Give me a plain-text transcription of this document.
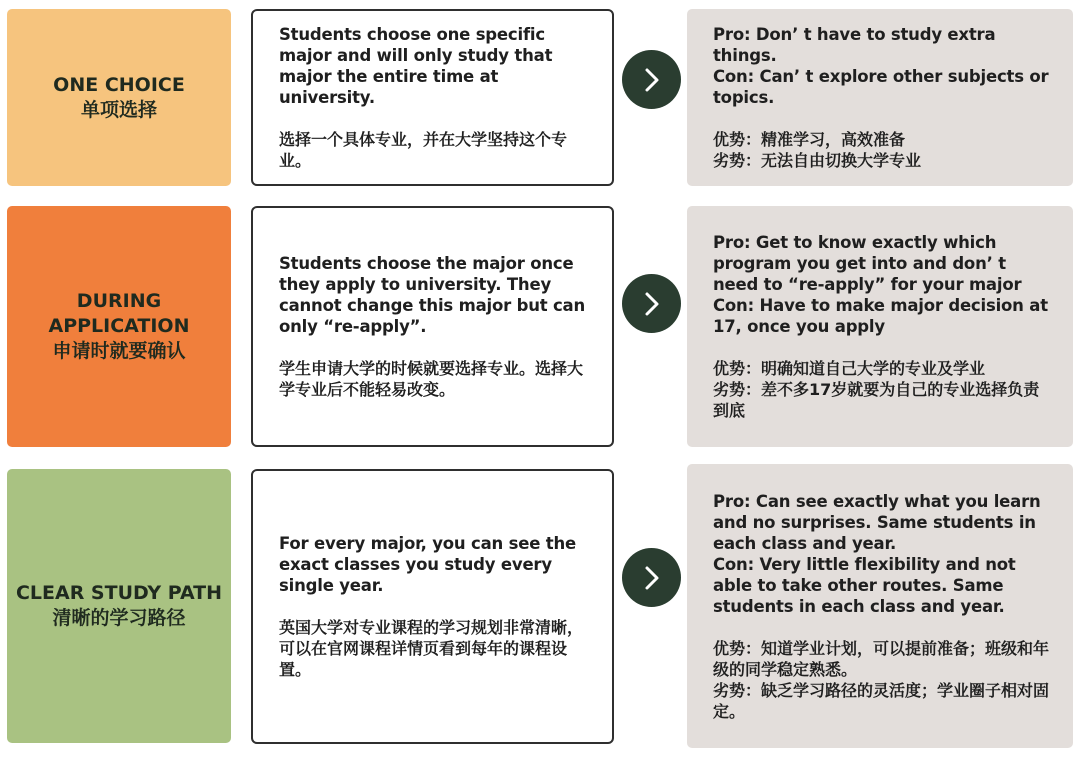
ONE CHOICE
单项选择

Students choose one specific major and will only study that major the entire time at university.

选择一个具体专业，并在大学坚持这个专业。

Pro: Don’ t have to study extra things.

Con: Can’ t explore other subjects or topics.

优势：精准学习，高效准备

劣势：无法自由切换大学专业

DURING
APPLICATION
申请时就要确认

Students choose the major once they apply to university. They cannot change this major but can only “re-apply”.

学生申请大学的时候就要选择专业。选择大学专业后不能轻易改变。

Pro: Get to know exactly which program you get into and don’ t need to “re-apply” for your major

Con: Have to make major decision at 17, once you apply

优势：明确知道自己大学的专业及学业

劣势：差不多17岁就要为自己的专业选择负责到底

CLEAR STUDY PATH
清晰的学习路径

For every major, you can see the exact classes you study every single year.

英国大学对专业课程的学习规划非常清晰，可以在官网课程详情页看到每年的课程设置。

Pro: Can see exactly what you learn and no surprises. Same students in each class and year.

Con: Very little flexibility and not able to take other routes. Same students in each class and year.

优势：知道学业计划，可以提前准备；班级和年级的同学稳定熟悉。

劣势：缺乏学习路径的灵活度；学业圈子相对固定。
